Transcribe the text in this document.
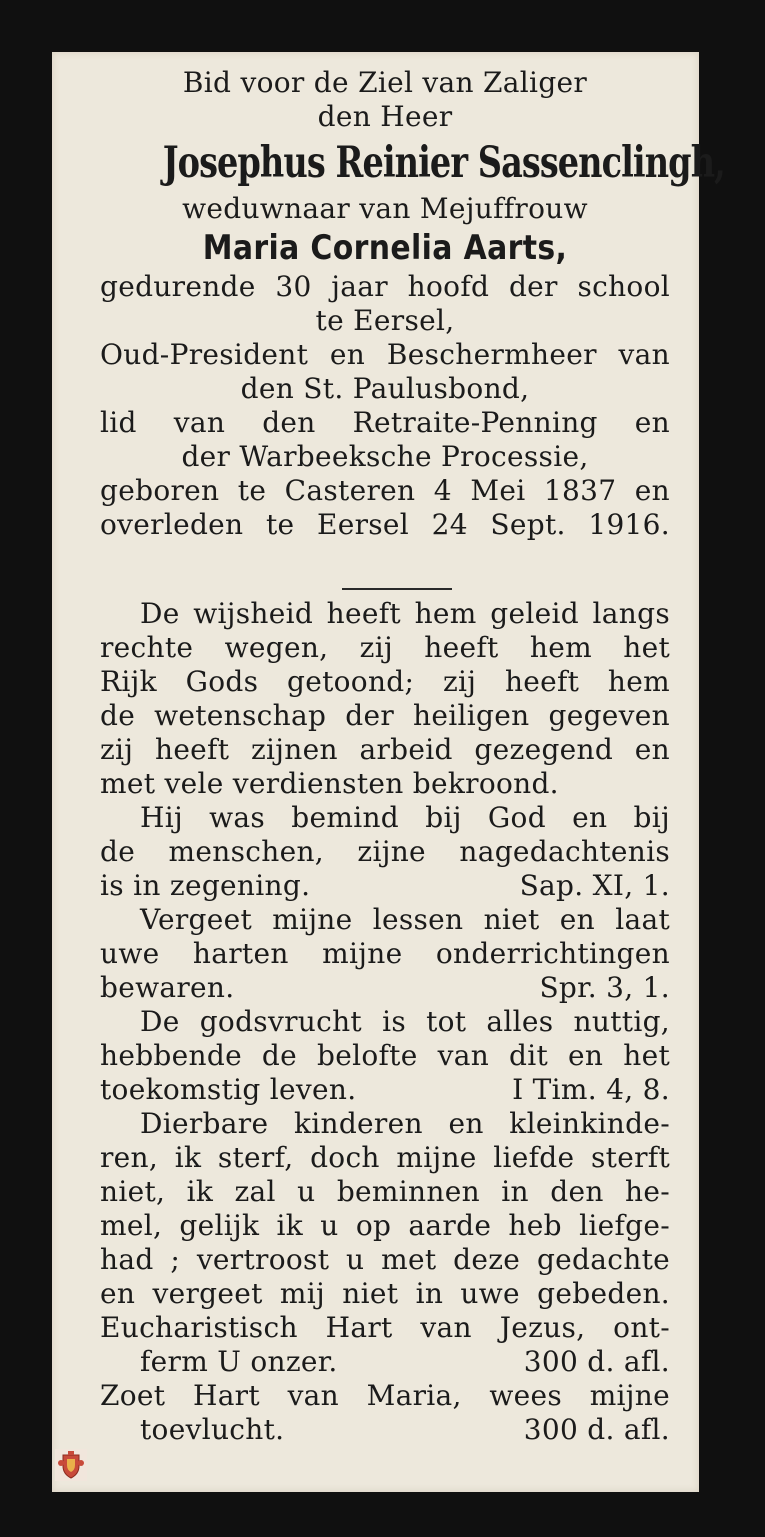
Bid voor de Ziel van Zaliger
den Heer
Josephus Reinier Sassenclingh,
weduwnaar van Mejuffrouw
Maria Cornelia Aarts,
gedurende 30 jaar hoofd der school
te Eersel,
Oud-President en Beschermheer van
den St. Paulusbond,
lid van den Retraite-Penning en
der Warbeeksche Processie,
geboren te Casteren 4 Mei 1837 en
overleden te Eersel 24 Sept. 1916.
De wijsheid heeft hem geleid langs
rechte wegen, zij heeft hem het
Rijk Gods getoond; zij heeft hem
de wetenschap der heiligen gegeven
zij heeft zijnen arbeid gezegend en
met vele verdiensten bekroond.
Hij was bemind bij God en bij
de menschen, zijne nagedachtenis
is in zegening.	Sap. XI, 1.
Vergeet mijne lessen niet en laat
uwe harten mijne onderrichtingen
bewaren.	Spr. 3, 1.
De godsvrucht is tot alles nuttig,
hebbende de belofte van dit en het
toekomstig leven.	I Tim. 4, 8.
Dierbare kinderen en kleinkinde-
ren, ik sterf, doch mijne liefde sterft
niet, ik zal u beminnen in den he-
mel, gelijk ik u op aarde heb liefge-
had ; vertroost u met deze gedachte
en vergeet mij niet in uwe gebeden.
Eucharistisch Hart van Jezus, ont-
ferm U onzer.	300 d. afl.
Zoet Hart van Maria, wees mijne
toevlucht.	300 d. afl.
